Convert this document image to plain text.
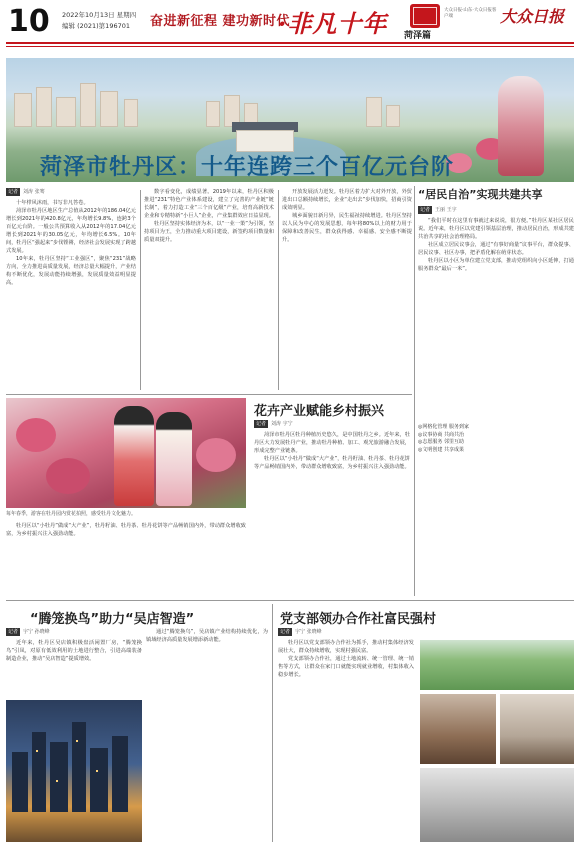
10 2022年10月13日 星期四
编辑 (2021)第196701 奋进新征程 建功新时代
·非凡十年	大众日报·山东·大众日报客户端	大众日报
菏泽篇
菏泽市牡丹区：十年连跨三个百亿元台阶
记者 刘涛 张骞

十年栉风沐雨，书写非凡答卷。

菏泽市牡丹区地区生产总值从2012年的186.04亿元增长到2021年的420.8亿元，年均增长9.8%，连跨3个百亿元台阶。一般公共预算收入从2012年的17.04亿元增长到2021年的30.05亿元，年均增长6.5%。10年间，牡丹区“强起来”步伐铿锵，经济社会发展实现了跨越式发展。

10年来，牡丹区坚持“工业强区”，聚焦“231”战略方向，全力推进高质量发展，经济总量大幅提升，产业结构不断优化，发展动能持续增强，发展质量效益明显提高。

数字看变化，成绩显著。2019年以来，牡丹区积极推进“231”特色产业体系建设，建立了完善的产业链“链长制”，着力打造工业“三个百亿级”产业，培育高新技术企业和专精特新“小巨人”企业，产业集群效应日益显现。

牡丹区坚持实体经济为本，以“一业一策”为引领，坚持项目为王，全力推动重大项目建设，新签约项目数量和质量双提升。

开放发展活力迸发。牡丹区着力扩大对外开放，外贸进出口总额持续增长，企业“走出去”步伐加快，招商引资成效明显。

城乡面貌日新月异，民生福祉持续增进。牡丹区坚持以人民为中心的发展思想，每年将80%以上的财力用于保障和改善民生，群众获得感、幸福感、安全感不断提升。

“居民自治”实现共建共享
记者 王丽 王宇

“我们平时在这里有事就过来说说，很方便。”牡丹区某社区居民说。近年来，牡丹区以党建引领基层治理，推动居民自治，形成共建共治共享的社会治理格局。

社区成立居民议事会，通过“有事好商量”议事平台，群众提事、居民议事、社区办事，把矛盾化解在萌芽状态。

牡丹区以小区为单位建立党支部，推动党组织向小区延伸，打通服务群众“最后一米”。

◎网格化管理 服务到家
◎议事协商 共商共治
◎志愿服务 邻里互助
◎文明创建 共享成果
每年春季，游客在牡丹园内赏花拍照，感受牡丹文化魅力。
花卉产业赋能乡村振兴
记者 刘涛 宇宁

菏泽市牡丹区牡丹种植历史悠久，是中国牡丹之乡。近年来，牡丹区大力发展牡丹产业，推动牡丹种植、加工、观光旅游融合发展，形成完整产业链条。

牡丹区以“小牡丹”做成“大产业”，牡丹籽油、牡丹茶、牡丹花饼等产品畅销国内外，带动群众增收致富，为乡村振兴注入强劲动能。

牡丹区以“小牡丹”做成“大产业”，牡丹籽油、牡丹茶、牡丹花饼等产品畅销国内外，带动群众增收致富，为乡村振兴注入强劲动能。

“腾笼换鸟”助力“吴店智造”
记者 宇宁 孙晓峰

近年来，牡丹区吴店镇积极盘活闲置厂房，“腾笼换鸟”引凤，对原有低效利用的土地进行整合，引进高端装备制造企业，推动“吴店智造”提质增效。

通过“腾笼换鸟”，吴店镇产业结构持续优化，为镇域经济高质量发展增添新动能。

党支部领办合作社富民强村
记者 宇宁 张晓峰

牡丹区以党支部领办合作社为抓手，推动村集体经济发展壮大，群众持续增收，实现村强民富。

党支部领办合作社，通过土地流转、统一管理、统一销售等方式，让群众在家门口就能实现就业增收，村集体收入稳步增长。
